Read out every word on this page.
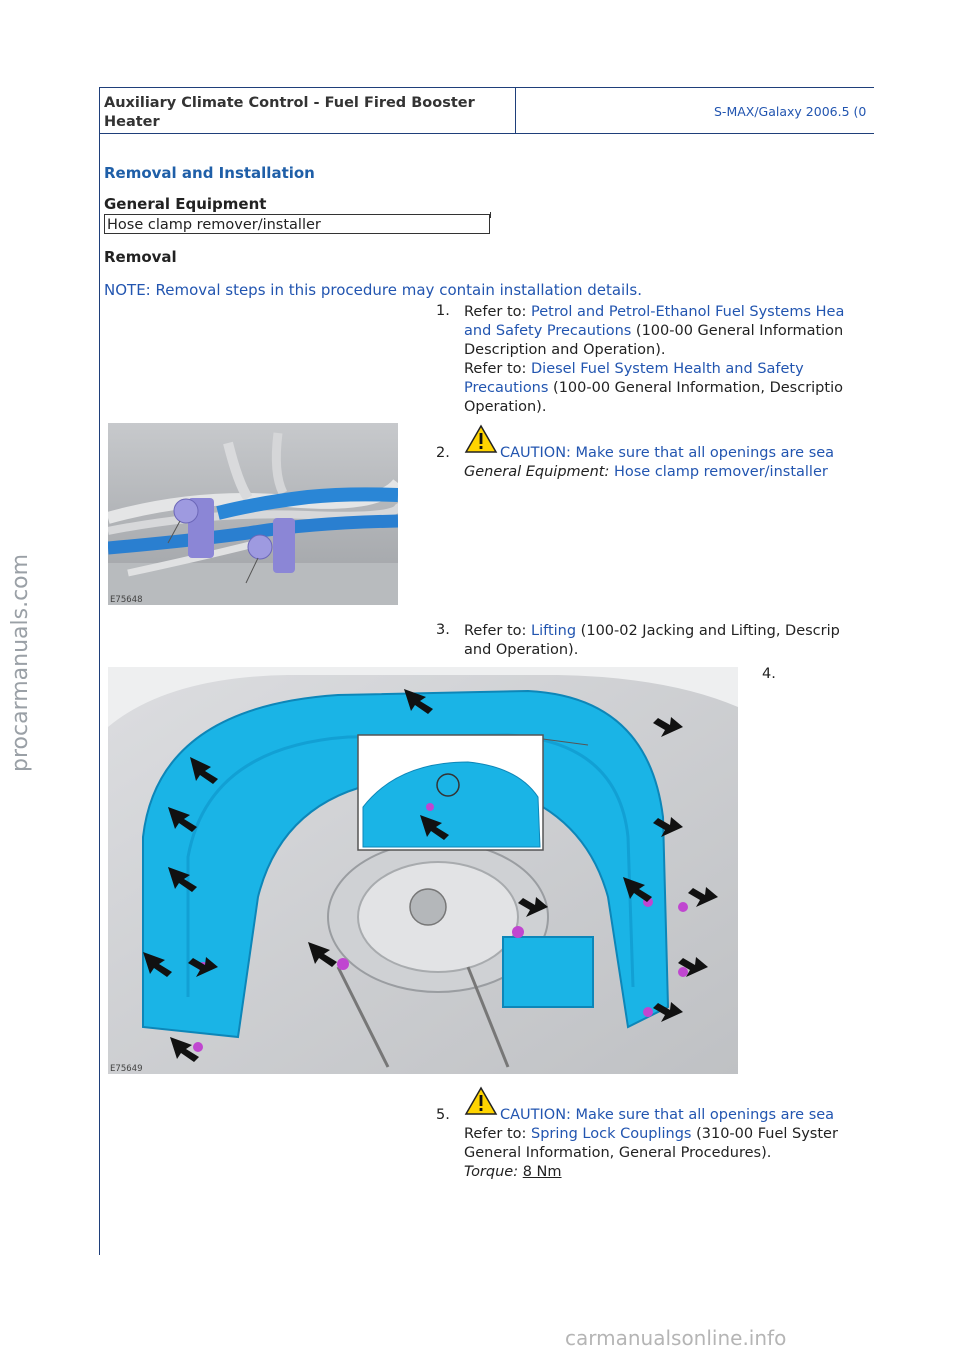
Auxiliary Climate Control - Fuel Fired Booster Heater
S-MAX/Galaxy 2006.5 (0
Removal and Installation
General Equipment
Hose clamp remover/installer
Removal
NOTE: Removal steps in this procedure may contain installation details.
1. Refer to: Petrol and Petrol-Ethanol Fuel Systems Hea
and Safety Precautions (100-00 General Information
Description and Operation).
Refer to: Diesel Fuel System Health and Safety
Precautions (100-00 General Information, Descriptio
Operation).
E75648
2.	CAUTION: Make sure that all openings are sea
General Equipment: Hose clamp remover/installer
3. Refer to: Lifting (100-02 Jacking and Lifting, Descrip
and Operation).
4.
E75649
5.	CAUTION: Make sure that all openings are sea
Refer to: Spring Lock Couplings (310-00 Fuel Syster
General Information, General Procedures).
Torque: 8 Nm
procarmanuals.com
carmanualsonline.info
